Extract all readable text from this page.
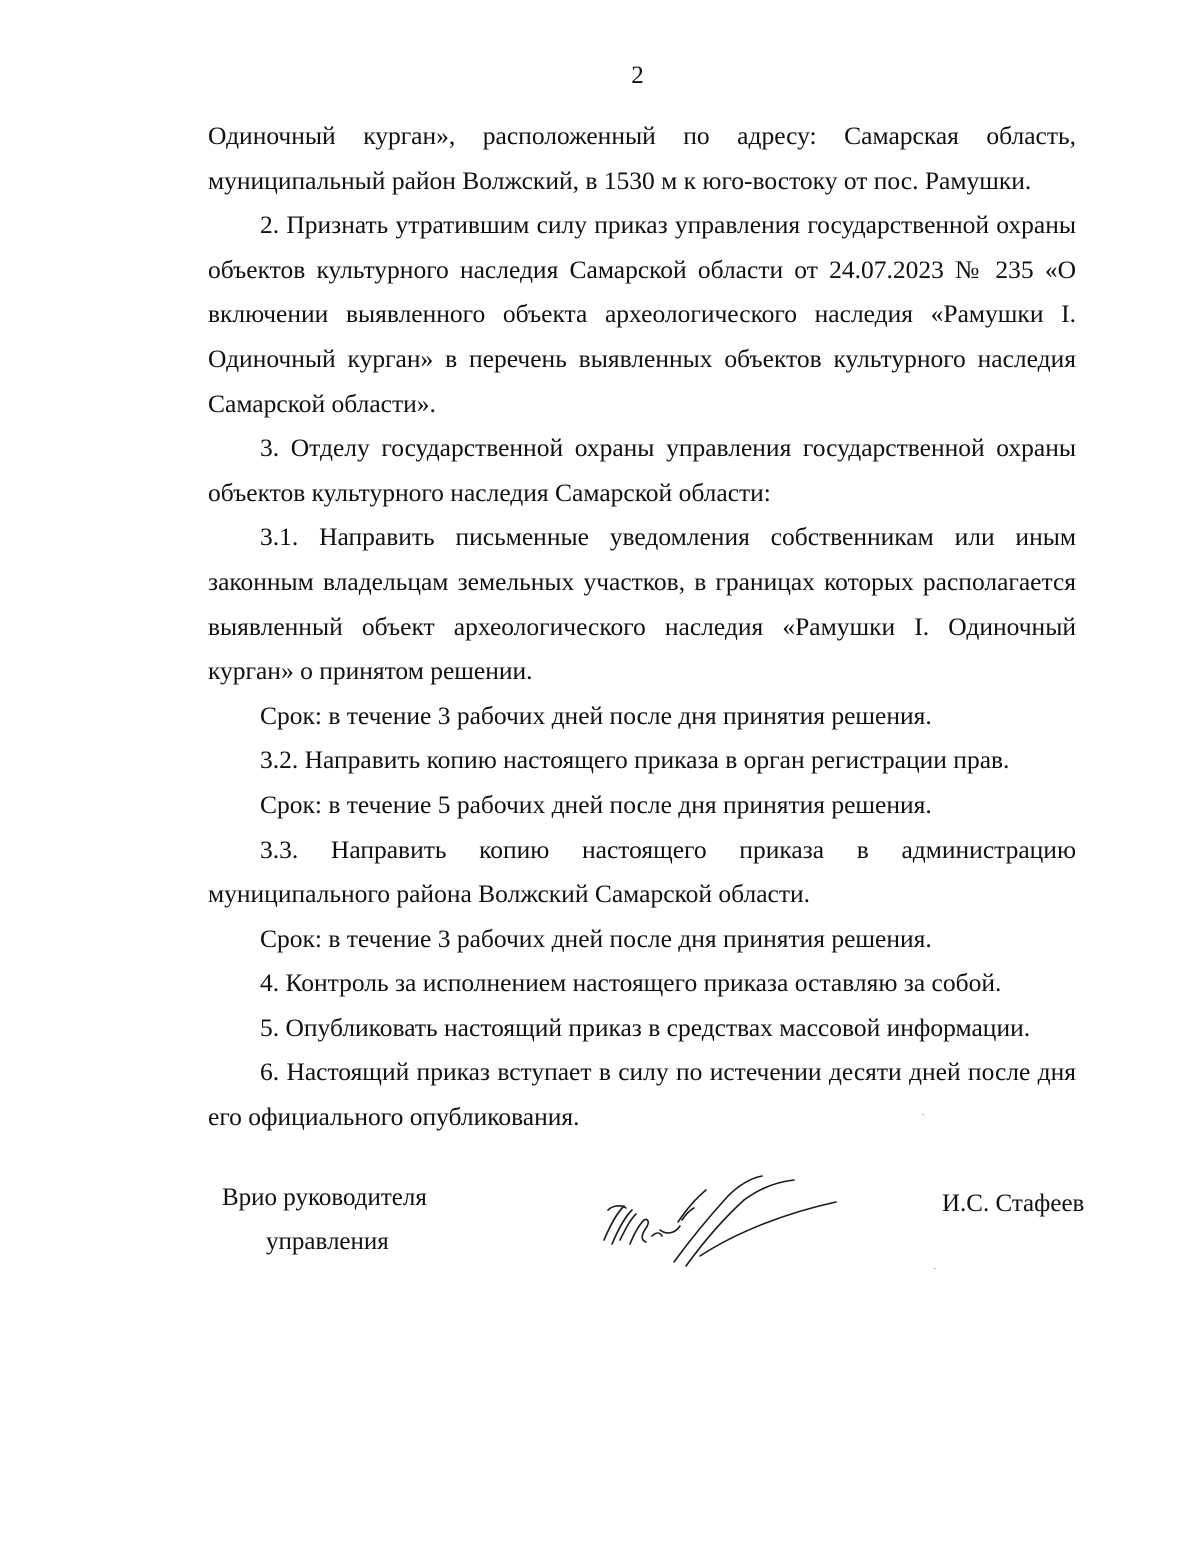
2

Одиночный курган», расположенный по адресу: Самарская область, муниципальный район Волжский, в 1530 м к юго-востоку от пос. Рамушки.

2. Признать утратившим силу приказ управления государственной охраны объектов культурного наследия Самарской области от 24.07.2023 № 235 «О включении выявленного объекта археологического наследия «Рамушки I. Одиночный курган» в перечень выявленных объектов культурного наследия Самарской области».

3. Отделу государственной охраны управления государственной охраны объектов культурного наследия Самарской области:

3.1. Направить письменные уведомления собственникам или иным законным владельцам земельных участков, в границах которых располагается выявленный объект археологического наследия «Рамушки I. Одиночный курган» о принятом решении.

Срок: в течение 3 рабочих дней после дня принятия решения.

3.2. Направить копию настоящего приказа в орган регистрации прав.

Срок: в течение 5 рабочих дней после дня принятия решения.

3.3. Направить копию настоящего приказа в администрацию муниципального района Волжский Самарской области.

Срок: в течение 3 рабочих дней после дня принятия решения.

4. Контроль за исполнением настоящего приказа оставляю за собой.

5. Опубликовать настоящий приказ в средствах массовой информации.

6. Настоящий приказ вступает в силу по истечении десяти дней после дня его официального опубликования.

Врио руководителя
управления
И.С. Стафеев
